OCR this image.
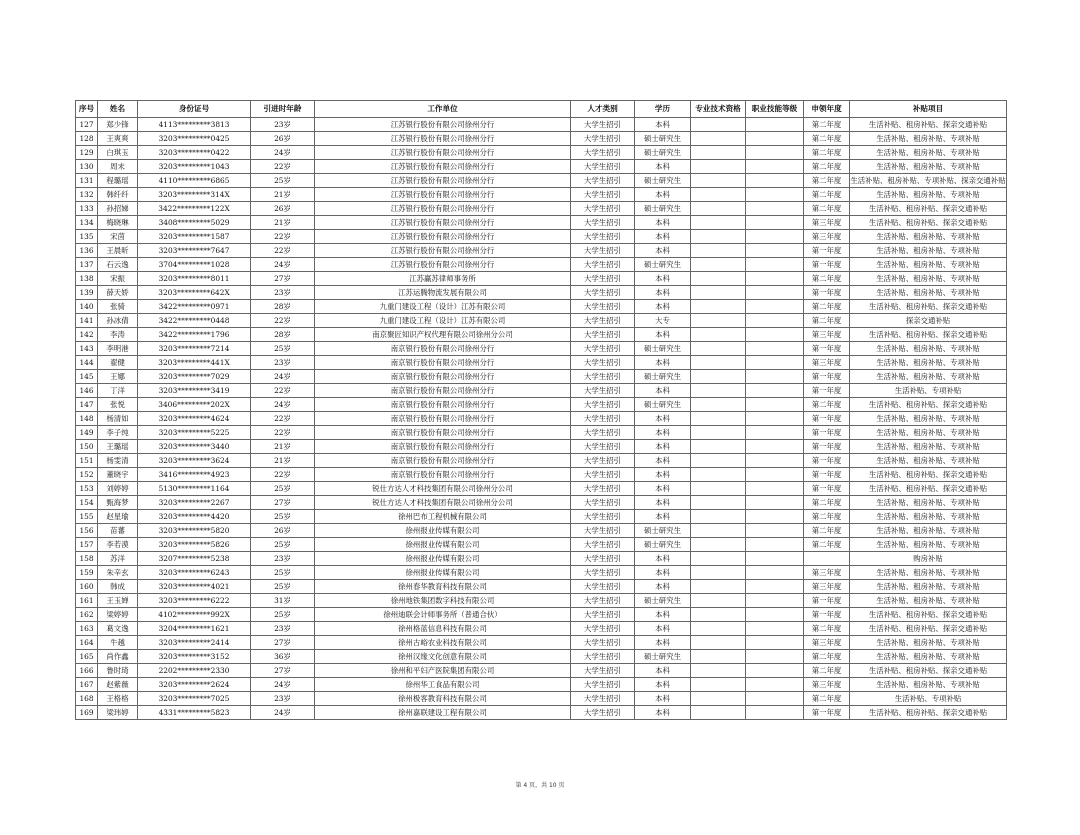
序号	姓名	身份证号	引进时年龄	工作单位	人才类别	学历	专业技术资格	职业技能等级	申领年度	补贴项目
127	郑少锋	4113*********3813	23岁	江苏银行股份有限公司徐州分行	大学生招引	本科			第二年度	生活补贴、租房补贴、探亲交通补贴
128	王爽爽	3203*********0425	26岁	江苏银行股份有限公司徐州分行	大学生招引	硕士研究生			第二年度	生活补贴、租房补贴、专项补贴
129	白琪玉	3203*********0422	24岁	江苏银行股份有限公司徐州分行	大学生招引	硕士研究生			第二年度	生活补贴、租房补贴、专项补贴
130	周末	3203*********1043	22岁	江苏银行股份有限公司徐州分行	大学生招引	本科			第二年度	生活补贴、租房补贴、专项补贴
131	程璐瑶	4110*********6865	25岁	江苏银行股份有限公司徐州分行	大学生招引	硕士研究生			第二年度	生活补贴、租房补贴、专项补贴、探亲交通补贴
132	韩纤纤	3203*********314X	21岁	江苏银行股份有限公司徐州分行	大学生招引	本科			第二年度	生活补贴、租房补贴、专项补贴
133	孙招娣	3422*********122X	26岁	江苏银行股份有限公司徐州分行	大学生招引	硕士研究生			第二年度	生活补贴、租房补贴、探亲交通补贴
134	梅晓琳	3408*********5029	21岁	江苏银行股份有限公司徐州分行	大学生招引	本科			第三年度	生活补贴、租房补贴、探亲交通补贴
135	宋茵	3203*********1587	22岁	江苏银行股份有限公司徐州分行	大学生招引	本科			第三年度	生活补贴、租房补贴、专项补贴
136	王晨昕	3203*********7647	22岁	江苏银行股份有限公司徐州分行	大学生招引	本科			第一年度	生活补贴、租房补贴、专项补贴
137	石云逸	3704*********1028	24岁	江苏银行股份有限公司徐州分行	大学生招引	硕士研究生			第一年度	生活补贴、租房补贴、专项补贴
138	宋振	3203*********8011	27岁	江苏赢苏律师事务所	大学生招引	本科			第二年度	生活补贴、租房补贴、专项补贴
139	薛天娇	3203*********642X	23岁	江苏运腾物流发展有限公司	大学生招引	本科			第一年度	生活补贴、租房补贴、专项补贴
140	张骑	3422*********0971	28岁	九重门建设工程（设计）江苏有限公司	大学生招引	本科			第二年度	生活补贴、租房补贴、探亲交通补贴
141	孙冰倩	3422*********0448	22岁	九重门建设工程（设计）江苏有限公司	大学生招引	大专			第二年度	探亲交通补贴
142	李涛	3422*********1796	28岁	南京聚匠知识产权代理有限公司徐州分公司	大学生招引	本科			第三年度	生活补贴、租房补贴、探亲交通补贴
143	李明港	3203*********7214	25岁	南京银行股份有限公司徐州分行	大学生招引	硕士研究生			第一年度	生活补贴、租房补贴、专项补贴
144	翟健	3203*********441X	23岁	南京银行股份有限公司徐州分行	大学生招引	本科			第三年度	生活补贴、租房补贴、专项补贴
145	王娜	3203*********7029	24岁	南京银行股份有限公司徐州分行	大学生招引	硕士研究生			第一年度	生活补贴、租房补贴、专项补贴
146	丁洋	3203*********3419	22岁	南京银行股份有限公司徐州分行	大学生招引	本科			第一年度	生活补贴、专项补贴
147	张悦	3406*********202X	24岁	南京银行股份有限公司徐州分行	大学生招引	硕士研究生			第二年度	生活补贴、租房补贴、探亲交通补贴
148	杨清如	3203*********4624	22岁	南京银行股份有限公司徐州分行	大学生招引	本科			第一年度	生活补贴、租房补贴、专项补贴
149	李子纯	3203*********5225	22岁	南京银行股份有限公司徐州分行	大学生招引	本科			第一年度	生活补贴、租房补贴、专项补贴
150	王璐瑶	3203*********3440	21岁	南京银行股份有限公司徐州分行	大学生招引	本科			第一年度	生活补贴、租房补贴、专项补贴
151	杨雯清	3203*********3624	21岁	南京银行股份有限公司徐州分行	大学生招引	本科			第一年度	生活补贴、租房补贴、专项补贴
152	董晓宇	3416*********4923	22岁	南京银行股份有限公司徐州分行	大学生招引	本科			第一年度	生活补贴、租房补贴、探亲交通补贴
153	刘婷婷	5130*********1164	25岁	锐仕方达人才科技集团有限公司徐州分公司	大学生招引	本科			第一年度	生活补贴、租房补贴、探亲交通补贴
154	甄海梦	3203*********2267	27岁	锐仕方达人才科技集团有限公司徐州分公司	大学生招引	本科			第二年度	生活补贴、租房补贴、专项补贴
155	赵星瑜	3203*********4420	25岁	徐州巴布工程机械有限公司	大学生招引	本科			第二年度	生活补贴、租房补贴、专项补贴
156	苗蕃	3203*********5820	26岁	徐州报业传媒有限公司	大学生招引	硕士研究生			第二年度	生活补贴、租房补贴、专项补贴
157	李若漠	3203*********5826	25岁	徐州报业传媒有限公司	大学生招引	硕士研究生			第二年度	生活补贴、租房补贴、专项补贴
158	苏洋	3207*********5238	23岁	徐州报业传媒有限公司	大学生招引	本科				购房补贴
159	朱辛玄	3203*********6243	25岁	徐州报业传媒有限公司	大学生招引	本科			第三年度	生活补贴、租房补贴、专项补贴
160	韩成	3203*********4021	25岁	徐州春华教育科技有限公司	大学生招引	本科			第三年度	生活补贴、租房补贴、专项补贴
161	王玉婵	3203*********6222	31岁	徐州地铁集团数字科技有限公司	大学生招引	硕士研究生			第一年度	生活补贴、租房补贴、专项补贴
162	梁婷婷	4102*********992X	25岁	徐州迪联会计师事务所（普通合伙）	大学生招引	本科			第一年度	生活补贴、租房补贴、探亲交通补贴
163	葛文逸	3204*********1621	23岁	徐州格蓝信息科技有限公司	大学生招引	本科			第二年度	生活补贴、租房补贴、探亲交通补贴
164	牛越	3203*********2414	27岁	徐州古峪农业科技有限公司	大学生招引	本科			第三年度	生活补贴、租房补贴、专项补贴
165	尚作鑫	3203*********3152	36岁	徐州汉缘文化创意有限公司	大学生招引	硕士研究生			第二年度	生活补贴、租房补贴、专项补贴
166	鲁时琦	2202*********2330	27岁	徐州和平妇产医院集团有限公司	大学生招引	本科			第二年度	生活补贴、租房补贴、探亲交通补贴
167	赵紫薇	3203*********2624	24岁	徐州华工食品有限公司	大学生招引	本科			第三年度	生活补贴、租房补贴、专项补贴
168	王格格	3203*********7025	23岁	徐州极客教育科技有限公司	大学生招引	本科			第二年度	生活补贴、专项补贴
169	梁玮婷	4331*********5823	24岁	徐州嘉联建设工程有限公司	大学生招引	本科			第一年度	生活补贴、租房补贴、探亲交通补贴
第 4 页，共 10 页
